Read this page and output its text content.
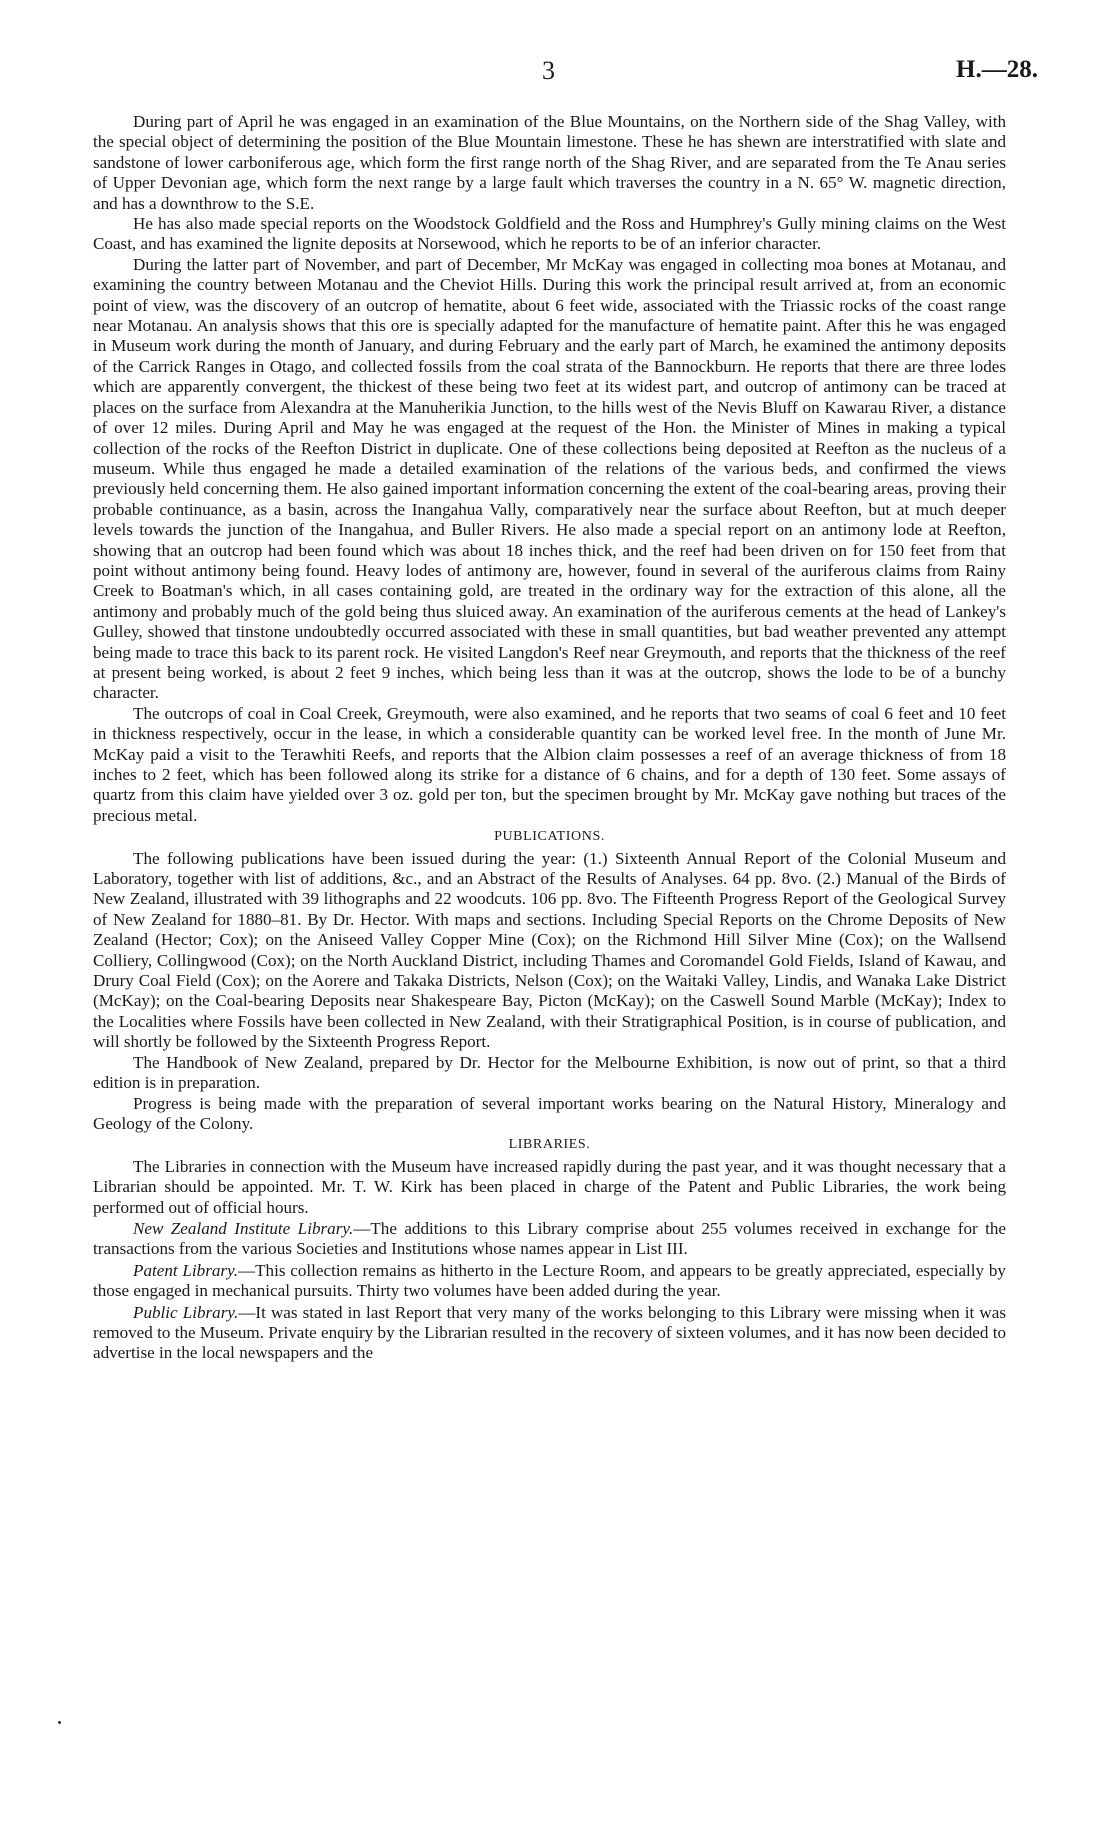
3	H.—28.

During part of April he was engaged in an examination of the Blue Mountains, on the Northern side of the Shag Valley, with the special object of determining the position of the Blue Mountain limestone. These he has shewn are interstratified with slate and sandstone of lower carboniferous age, which form the first range north of the Shag River, and are separated from the Te Anau series of Upper Devonian age, which form the next range by a large fault which traverses the country in a N. 65° W. magnetic direction, and has a downthrow to the S.E.

He has also made special reports on the Woodstock Goldfield and the Ross and Humphrey's Gully mining claims on the West Coast, and has examined the lignite deposits at Norsewood, which he reports to be of an inferior character.

During the latter part of November, and part of December, Mr McKay was engaged in collecting moa bones at Motanau, and examining the country between Motanau and the Cheviot Hills. During this work the principal result arrived at, from an economic point of view, was the discovery of an outcrop of hematite, about 6 feet wide, associated with the Triassic rocks of the coast range near Motanau. An analysis shows that this ore is specially adapted for the manufacture of hematite paint. After this he was engaged in Museum work during the month of January, and during February and the early part of March, he examined the antimony deposits of the Carrick Ranges in Otago, and collected fossils from the coal strata of the Bannockburn. He reports that there are three lodes which are apparently convergent, the thickest of these being two feet at its widest part, and outcrop of antimony can be traced at places on the surface from Alexandra at the Manuherikia Junction, to the hills west of the Nevis Bluff on Kawarau River, a distance of over 12 miles. During April and May he was engaged at the request of the Hon. the Minister of Mines in making a typical collection of the rocks of the Reefton District in duplicate. One of these collections being deposited at Reefton as the nucleus of a museum. While thus engaged he made a detailed examination of the relations of the various beds, and confirmed the views previously held concerning them. He also gained important information concerning the extent of the coal-bearing areas, proving their probable continuance, as a basin, across the Inangahua Vally, comparatively near the surface about Reefton, but at much deeper levels towards the junction of the Inangahua, and Buller Rivers. He also made a special report on an antimony lode at Reefton, showing that an outcrop had been found which was about 18 inches thick, and the reef had been driven on for 150 feet from that point without antimony being found. Heavy lodes of antimony are, however, found in several of the auriferous claims from Rainy Creek to Boatman's which, in all cases containing gold, are treated in the ordinary way for the extraction of this alone, all the antimony and probably much of the gold being thus sluiced away. An examination of the auriferous cements at the head of Lankey's Gulley, showed that tinstone undoubtedly occurred associated with these in small quantities, but bad weather prevented any attempt being made to trace this back to its parent rock. He visited Langdon's Reef near Greymouth, and reports that the thickness of the reef at present being worked, is about 2 feet 9 inches, which being less than it was at the outcrop, shows the lode to be of a bunchy character.

The outcrops of coal in Coal Creek, Greymouth, were also examined, and he reports that two seams of coal 6 feet and 10 feet in thickness respectively, occur in the lease, in which a considerable quantity can be worked level free. In the month of June Mr. McKay paid a visit to the Terawhiti Reefs, and reports that the Albion claim possesses a reef of an average thickness of from 18 inches to 2 feet, which has been followed along its strike for a distance of 6 chains, and for a depth of 130 feet. Some assays of quartz from this claim have yielded over 3 oz. gold per ton, but the specimen brought by Mr. McKay gave nothing but traces of the precious metal.

PUBLICATIONS.

The following publications have been issued during the year: (1.) Sixteenth Annual Report of the Colonial Museum and Laboratory, together with list of additions, &c., and an Abstract of the Results of Analyses. 64 pp. 8vo. (2.) Manual of the Birds of New Zealand, illustrated with 39 lithographs and 22 woodcuts. 106 pp. 8vo. The Fifteenth Progress Report of the Geological Survey of New Zealand for 1880–81. By Dr. Hector. With maps and sections. Including Special Reports on the Chrome Deposits of New Zealand (Hector; Cox); on the Aniseed Valley Copper Mine (Cox); on the Richmond Hill Silver Mine (Cox); on the Wallsend Colliery, Collingwood (Cox); on the North Auckland District, including Thames and Coromandel Gold Fields, Island of Kawau, and Drury Coal Field (Cox); on the Aorere and Takaka Districts, Nelson (Cox); on the Waitaki Valley, Lindis, and Wanaka Lake District (McKay); on the Coal-bearing Deposits near Shakespeare Bay, Picton (McKay); on the Caswell Sound Marble (McKay); Index to the Localities where Fossils have been collected in New Zealand, with their Stratigraphical Position, is in course of publication, and will shortly be followed by the Sixteenth Progress Report.

The Handbook of New Zealand, prepared by Dr. Hector for the Melbourne Exhibition, is now out of print, so that a third edition is in preparation.

Progress is being made with the preparation of several important works bearing on the Natural History, Mineralogy and Geology of the Colony.

LIBRARIES.

The Libraries in connection with the Museum have increased rapidly during the past year, and it was thought necessary that a Librarian should be appointed. Mr. T. W. Kirk has been placed in charge of the Patent and Public Libraries, the work being performed out of official hours.

New Zealand Institute Library.—The additions to this Library comprise about 255 volumes received in exchange for the transactions from the various Societies and Institutions whose names appear in List III.

Patent Library.—This collection remains as hitherto in the Lecture Room, and appears to be greatly appreciated, especially by those engaged in mechanical pursuits. Thirty two volumes have been added during the year.

Public Library.—It was stated in last Report that very many of the works belonging to this Library were missing when it was removed to the Museum. Private enquiry by the Librarian resulted in the recovery of sixteen volumes, and it has now been decided to advertise in the local newspapers and the
